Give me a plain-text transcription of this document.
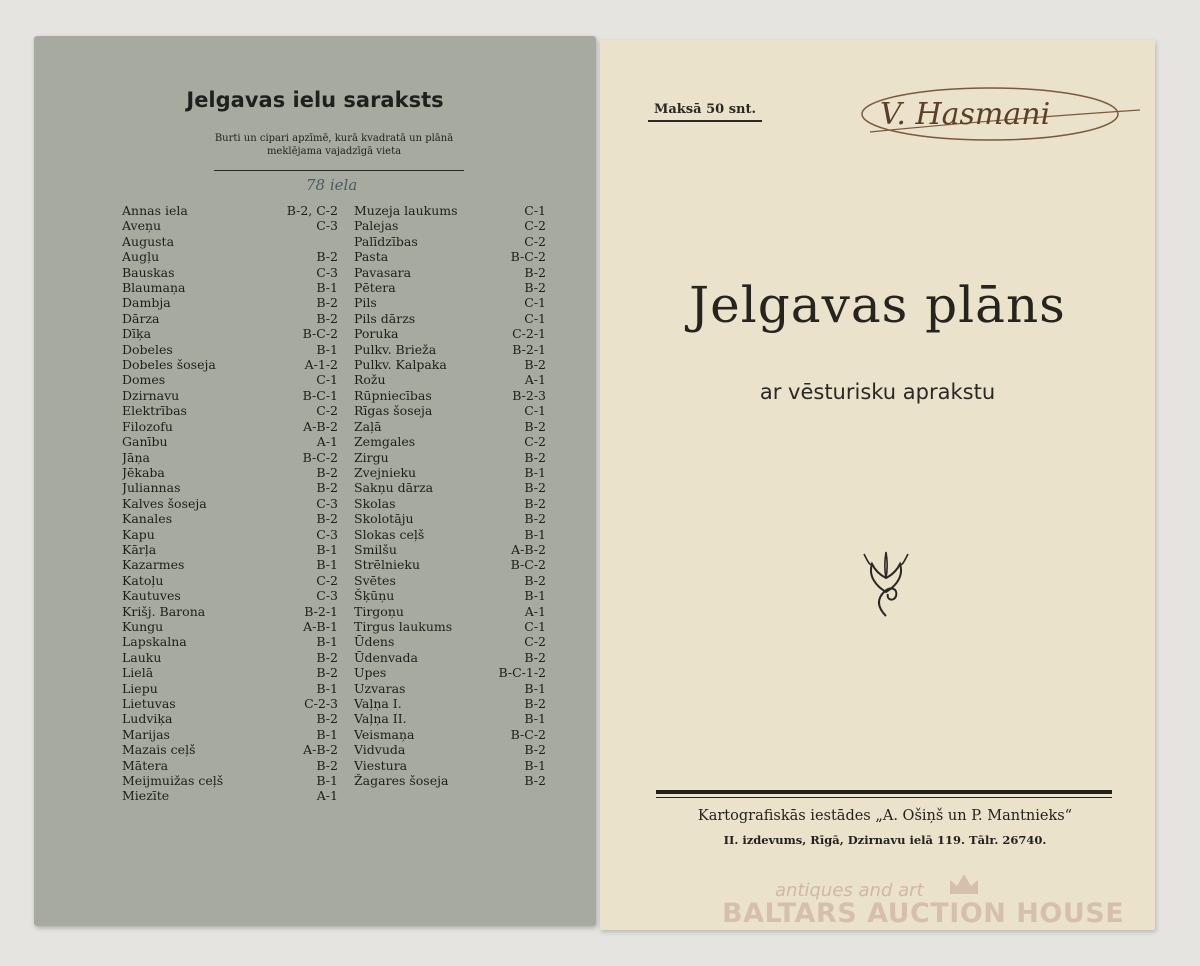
Jelgavas ielu saraksts
Burti un cipari apzīmē, kurā kvadratā un plānā
meklējama vajadzīgā vieta
78 iela
Annas iela	B-2, C-2
Aveņu	C-3
Augusta
Augļu	B-2
Bauskas	C-3
Blaumaņa	B-1
Dambja	B-2
Dārza	B-2
Dīķa	B-C-2
Dobeles	B-1
Dobeles šoseja	A-1-2
Domes	C-1
Dzirnavu	B-C-1
Elektrības	C-2
Filozofu	A-B-2
Ganību	A-1
Jāņa	B-C-2
Jēkaba	B-2
Juliannas	B-2
Kalves šoseja	C-3
Kanales	B-2
Kapu	C-3
Kārļa	B-1
Kazarmes	B-1
Katoļu	C-2
Kautuves	C-3
Krišj. Barona	B-2-1
Kungu	A-B-1
Lapskalna	B-1
Lauku	B-2
Lielā	B-2
Liepu	B-1
Lietuvas	C-2-3
Ludviķa	B-2
Marijas	B-1
Mazais ceļš	A-B-2
Mātera	B-2
Meijmuižas ceļš	B-1
Miezīte	A-1
Muzeja laukums	C-1
Palejas	C-2
Palīdzības	C-2
Pasta	B-C-2
Pavasara	B-2
Pētera	B-2
Pils	C-1
Pils dārzs	C-1
Poruka	C-2-1
Pulkv. Brieža	B-2-1
Pulkv. Kalpaka	B-2
Rožu	A-1
Rūpniecības	B-2-3
Rīgas šoseja	C-1
Zaļā	B-2
Zemgales	C-2
Zirgu	B-2
Zvejnieku	B-1
Sakņu dārza	B-2
Skolas	B-2
Skolotāju	B-2
Slokas ceļš	B-1
Smilšu	A-B-2
Strēlnieku	B-C-2
Svētes	B-2
Šķūņu	B-1
Tirgoņu	A-1
Tirgus laukums	C-1
Ūdens	C-2
Ūdenvada	B-2
Upes	B-C-1-2
Uzvaras	B-1
Vaļņa I.	B-2
Vaļņa II.	B-1
Veismaņa	B-C-2
Vidvuda	B-2
Viestura	B-1
Žagares šoseja	B-2
Maksā 50 snt.	V. Hasmani
Jelgavas plāns
ar vēsturisku aprakstu
Kartografiskās iestādes „A. Ošiņš un P. Mantnieks“
II. izdevums, Rīgā, Dzirnavu ielā 119. Tālr. 26740.
antiques and art
BALTARS AUCTION HOUSE
